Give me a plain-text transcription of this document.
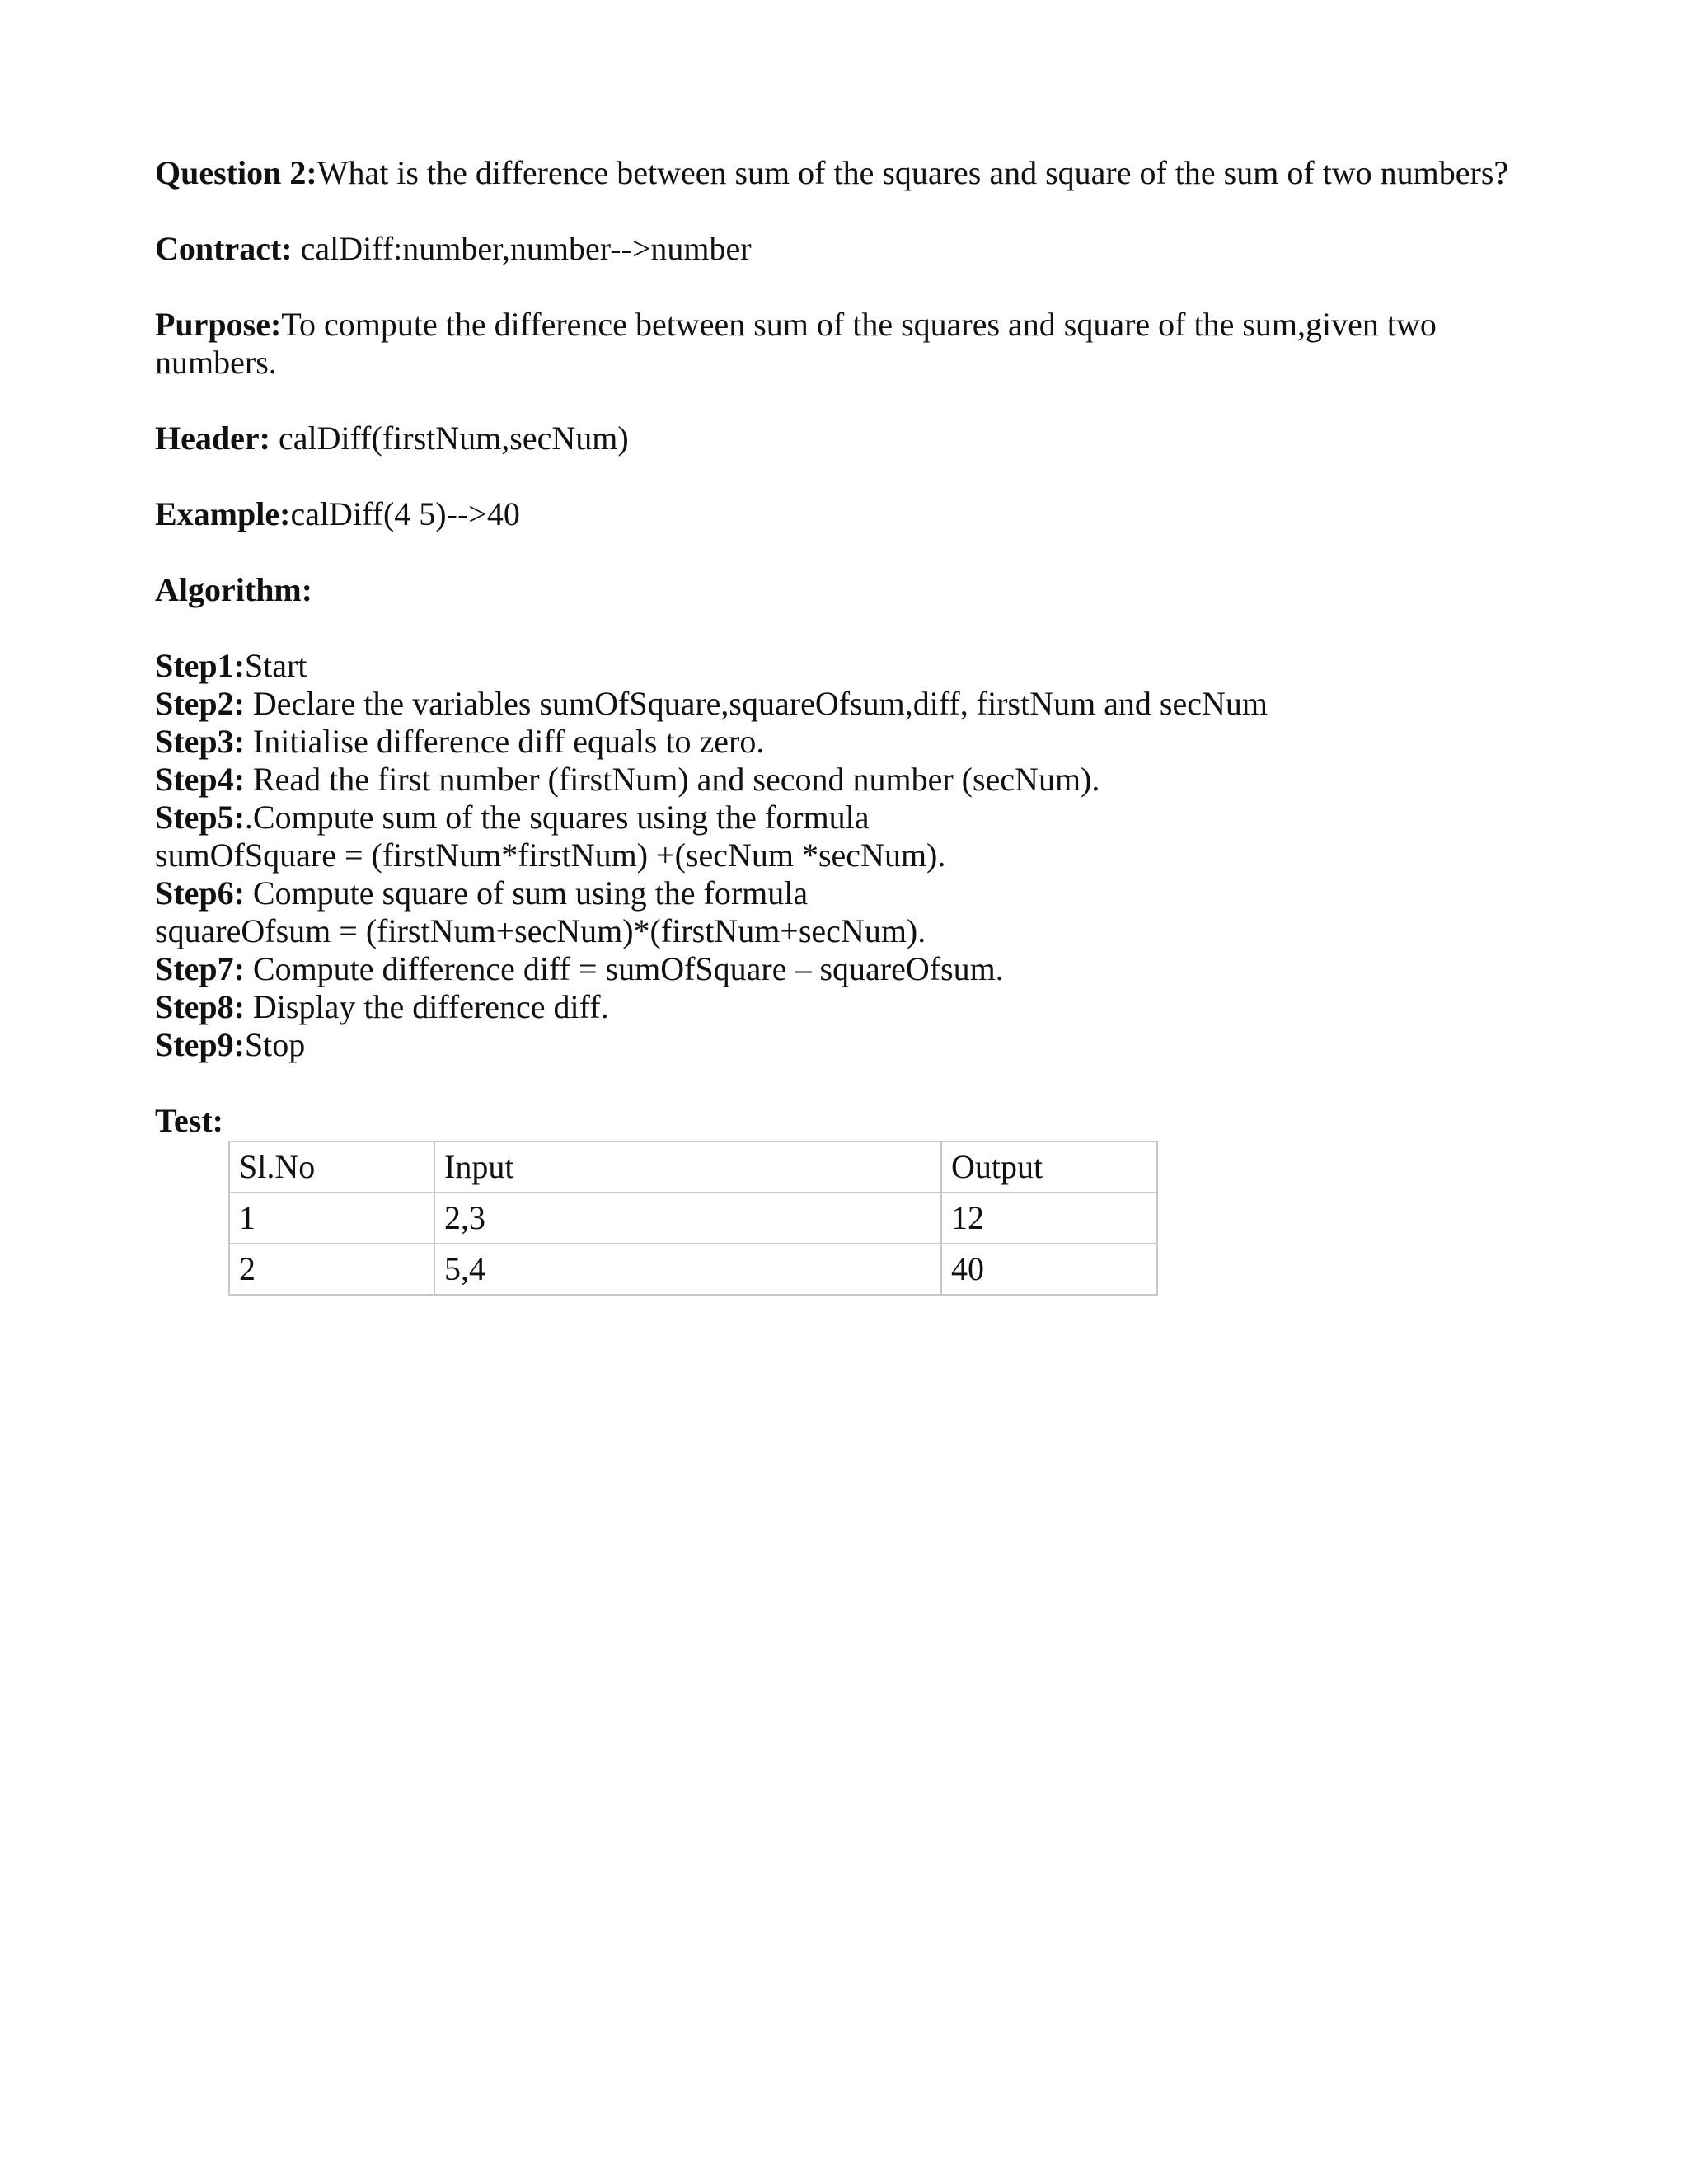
Question 2:What is the difference between sum of the squares and square of the sum of two numbers?
Contract: calDiff:number,number-->number
Purpose:To compute the difference between sum of the squares and square of the sum,given two numbers.
Header: calDiff(firstNum,secNum)
Example:calDiff(4 5)-->40
Algorithm:
Step1:Start
Step2: Declare the variables sumOfSquare,squareOfsum,diff, firstNum and secNum
Step3: Initialise difference diff equals to zero.
Step4: Read the first number (firstNum) and second number (secNum).
Step5:.Compute sum of the squares using the formula
sumOfSquare = (firstNum*firstNum) +(secNum *secNum).
Step6: Compute square of sum using the formula
squareOfsum = (firstNum+secNum)*(firstNum+secNum).
Step7: Compute difference diff = sumOfSquare – squareOfsum.
Step8: Display the difference diff.
Step9:Stop
Test:
Sl.No	Input	Output
1	2,3	12
2	5,4	40
